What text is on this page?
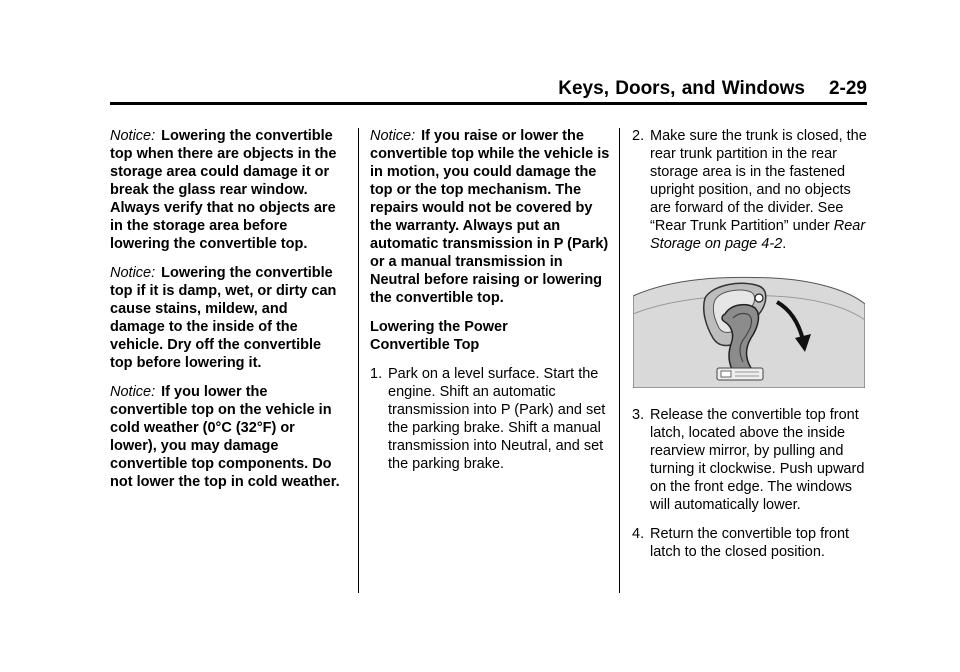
Keys, Doors, and Windows 2-29

Notice: Lowering the convertible top when there are objects in the storage area could damage it or break the glass rear window. Always verify that no objects are in the storage area before lowering the convertible top.

Notice: Lowering the convertible top if it is damp, wet, or dirty can cause stains, mildew, and damage to the inside of the vehicle. Dry off the convertible top before lowering it.

Notice: If you lower the convertible top on the vehicle in cold weather (0°C (32°F) or lower), you may damage convertible top components. Do not lower the top in cold weather.

Notice: If you raise or lower the convertible top while the vehicle is in motion, you could damage the top or the top mechanism. The repairs would not be covered by the warranty. Always put an automatic transmission in P (Park) or a manual transmission in Neutral before raising or lowering the convertible top.

Lowering the Power Convertible Top

1. Park on a level surface. Start the engine. Shift an automatic transmission into P (Park) and set the parking brake. Shift a manual transmission into Neutral, and set the parking brake.
2. Make sure the trunk is closed, the rear trunk partition in the rear storage area is in the fastened upright position, and no objects are forward of the divider. See “Rear Trunk Partition” under Rear Storage on page 4-2.
3. Release the convertible top front latch, located above the inside rearview mirror, by pulling and turning it clockwise. Push upward on the front edge. The windows will automatically lower.
4. Return the convertible top front latch to the closed position.
